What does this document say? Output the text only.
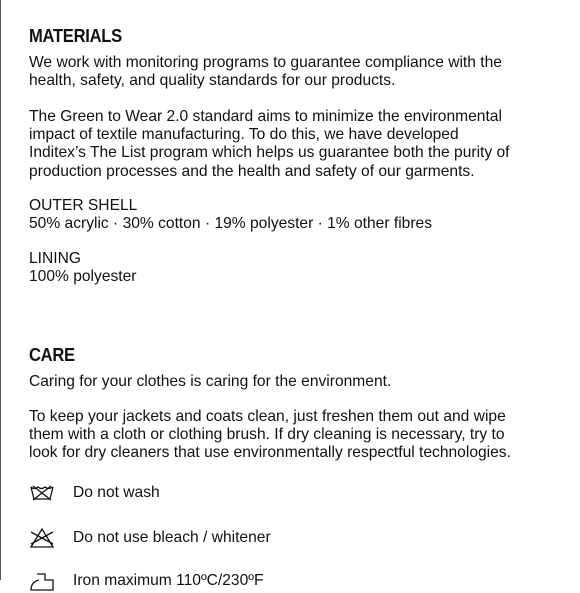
MATERIALS

We work with monitoring programs to guarantee compliance with the
health, safety, and quality standards for our products.

The Green to Wear 2.0 standard aims to minimize the environmental
impact of textile manufacturing. To do this, we have developed
Inditex’s The List program which helps us guarantee both the purity of
production processes and the health and safety of our garments.

OUTER SHELL

50% acrylic · 30% cotton · 19% polyester · 1% other fibres

LINING

100% polyester

CARE

Caring for your clothes is caring for the environment.

To keep your jackets and coats clean, just freshen them out and wipe
them with a cloth or clothing brush. If dry cleaning is necessary, try to
look for dry cleaners that use environmentally respectful technologies.

Do not wash
Do not use bleach / whitener
Iron maximum 110ºC/230ºF
